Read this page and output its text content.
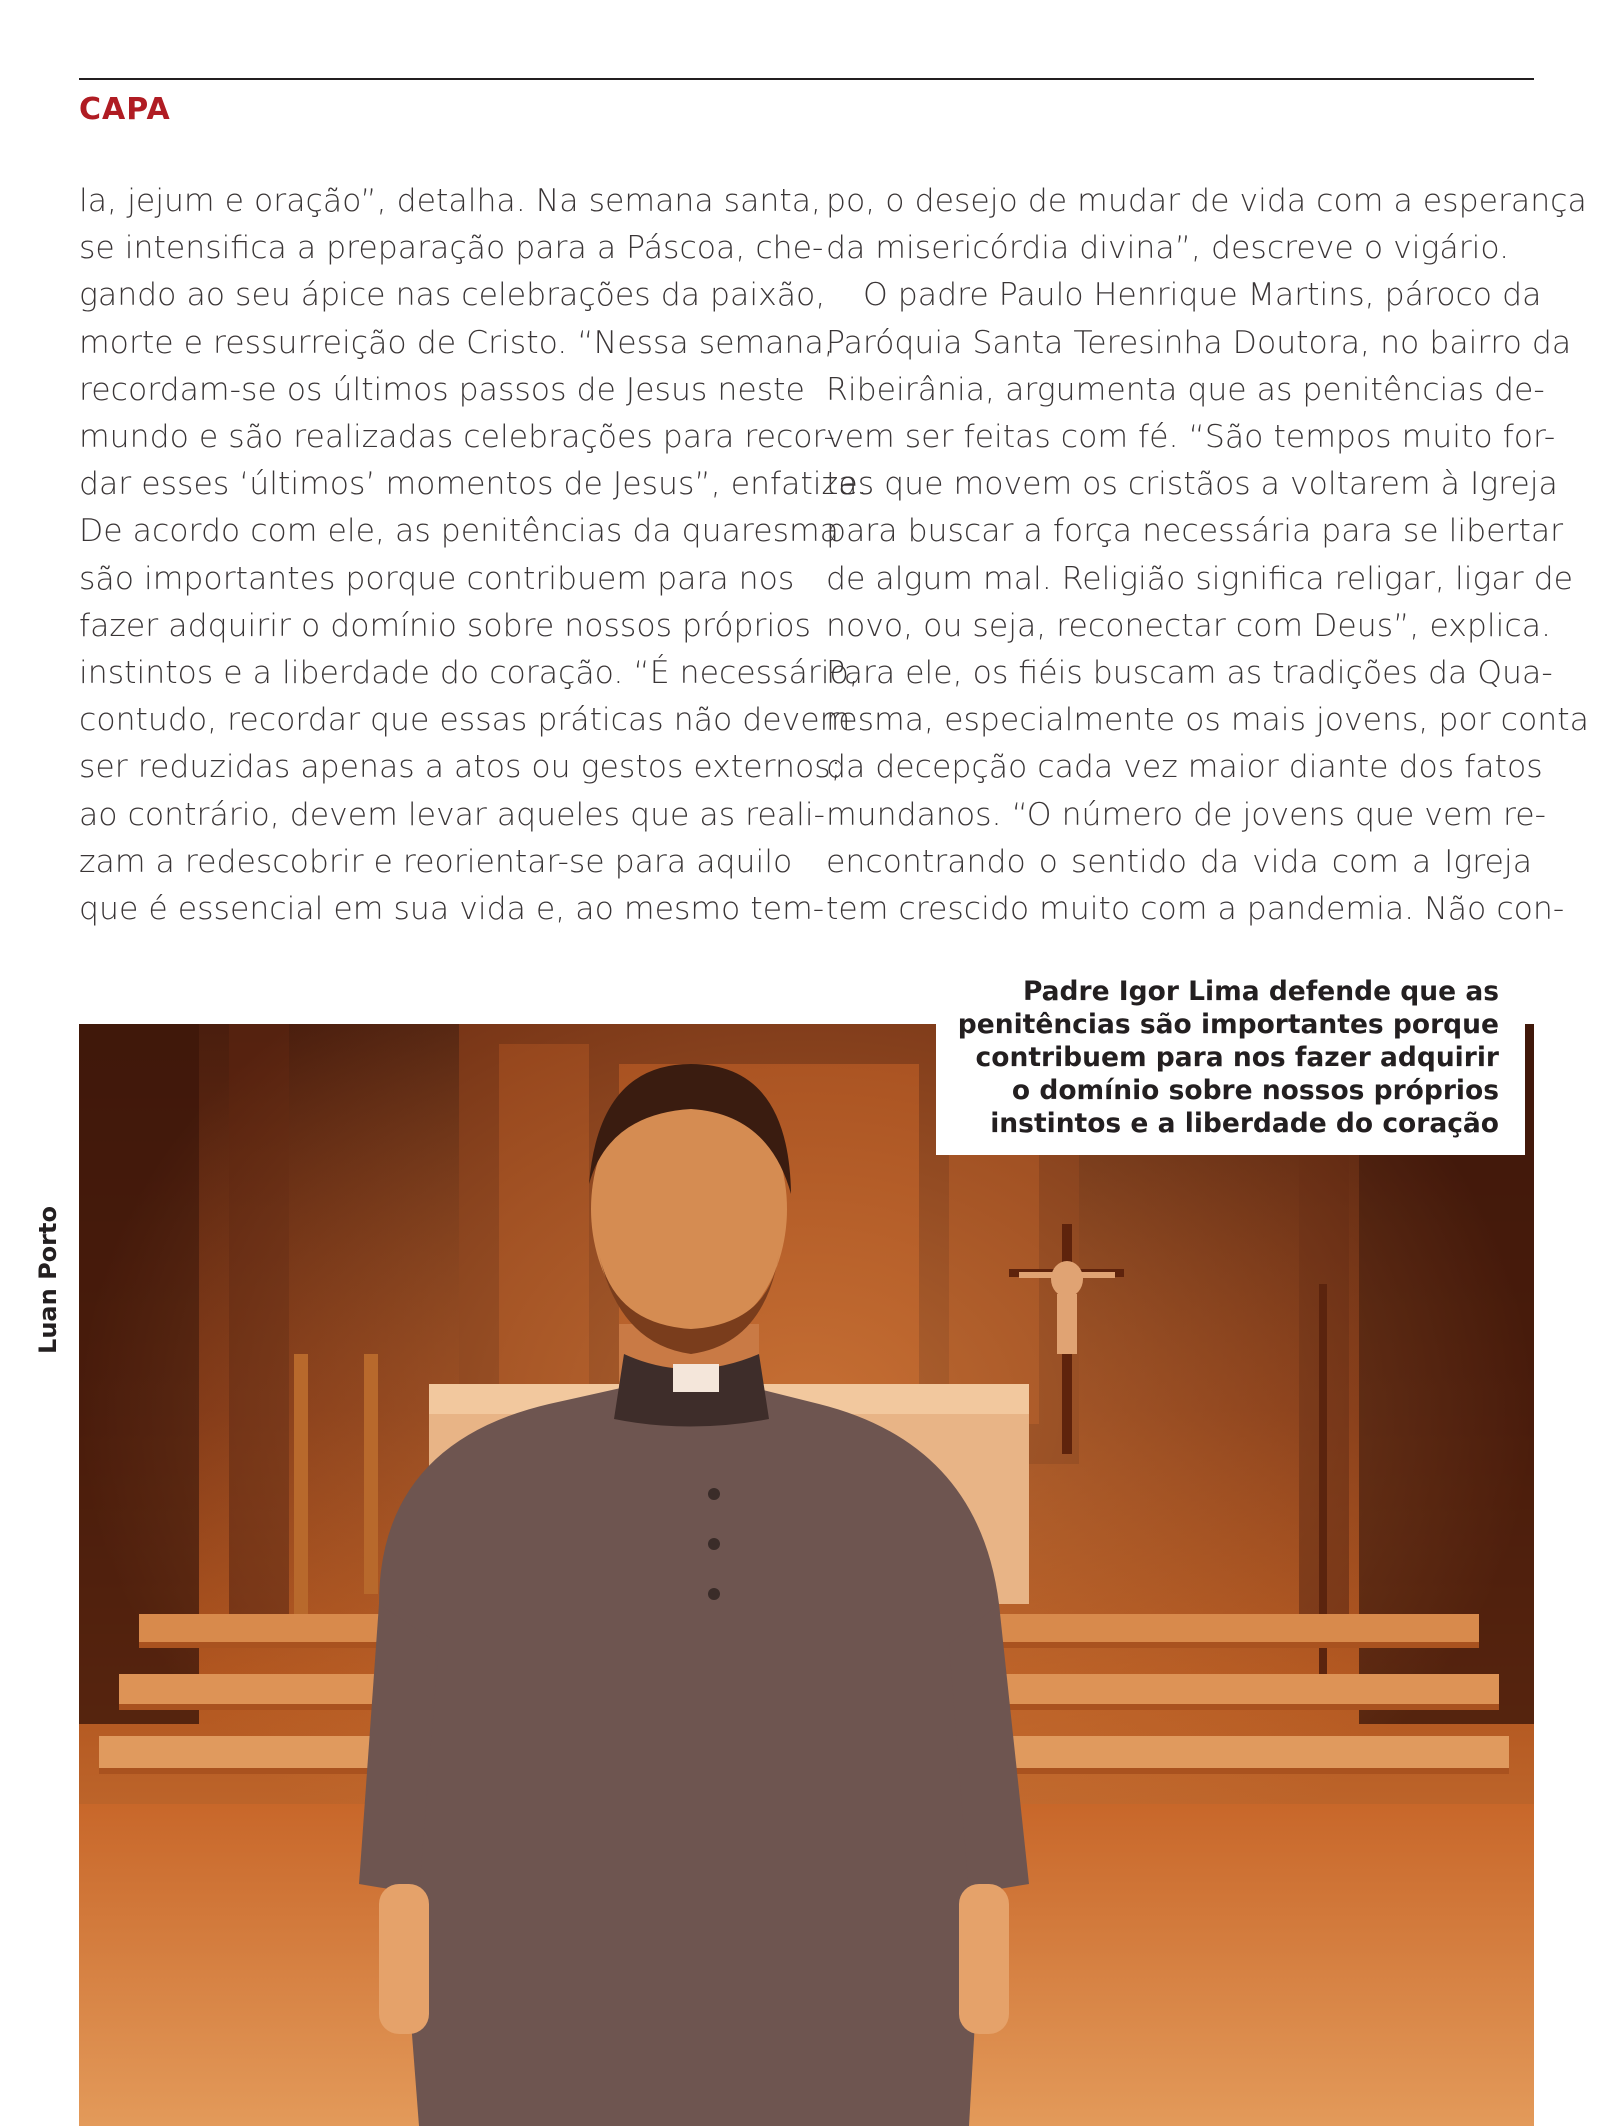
CAPA
la, jejum e oração”, detalha. Na semana santa,
se intensifica a preparação para a Páscoa, che-
gando ao seu ápice nas celebrações da paixão,
morte e ressurreição de Cristo. “Nessa semana,
recordam-se os últimos passos de Jesus neste
mundo e são realizadas celebrações para recor-
dar esses ‘últimos’ momentos de Jesus”, enfatiza.
De acordo com ele, as penitências da quaresma
são importantes porque contribuem para nos
fazer adquirir o domínio sobre nossos próprios
instintos e a liberdade do coração. “É necessário,
contudo, recordar que essas práticas não devem
ser reduzidas apenas a atos ou gestos externos;
ao contrário, devem levar aqueles que as reali-
zam a redescobrir e reorientar-se para aquilo
que é essencial em sua vida e, ao mesmo tem-
po, o desejo de mudar de vida com a esperança
da misericórdia divina”, descreve o vigário.
O padre Paulo Henrique Martins, pároco da
Paróquia Santa Teresinha Doutora, no bairro da
Ribeirânia, argumenta que as penitências de-
vem ser feitas com fé. “São tempos muito for-
tes que movem os cristãos a voltarem à Igreja
para buscar a força necessária para se libertar
de algum mal. Religião significa religar, ligar de
novo, ou seja, reconectar com Deus”, explica.
Para ele, os fiéis buscam as tradições da Qua-
resma, especialmente os mais jovens, por conta
da decepção cada vez maior diante dos fatos
mundanos. “O número de jovens que vem re-
encontrando o sentido da vida com a Igreja
tem crescido muito com a pandemia. Não con-
Luan Porto
Padre Igor Lima defende que as
penitências são importantes porque
contribuem para nos fazer adquirir
o domínio sobre nossos próprios
instintos e a liberdade do coração
